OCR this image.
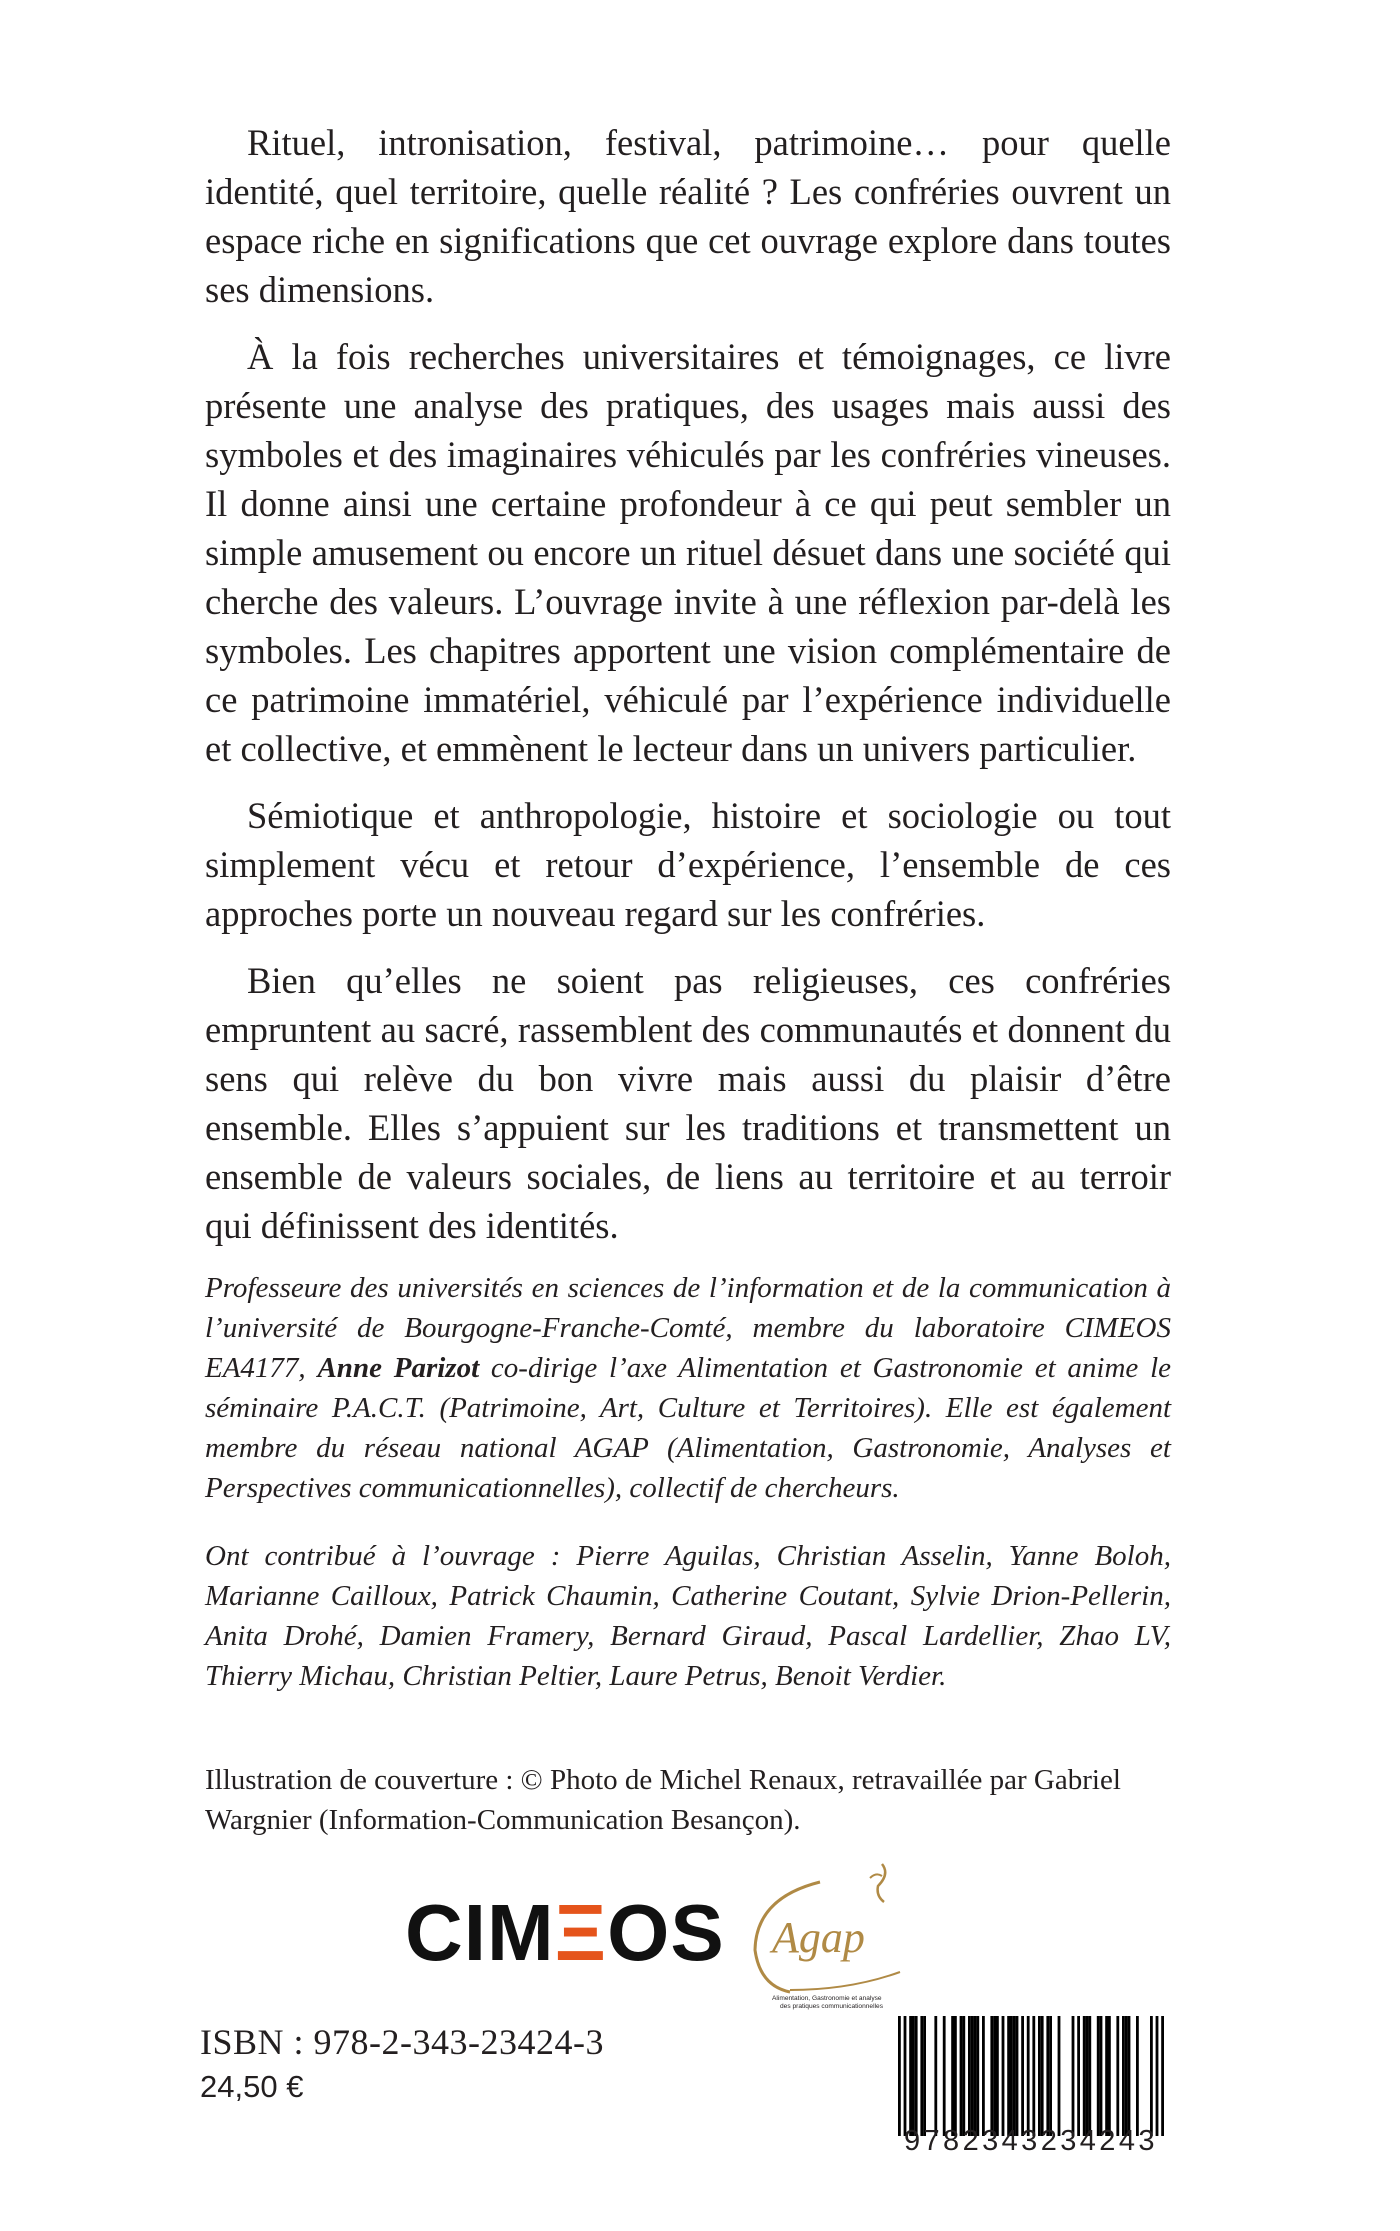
Rituel, intronisation, festival, patrimoine… pour quelle identité, quel territoire, quelle réalité ? Les confréries ouvrent un espace riche en significations que cet ouvrage explore dans toutes ses dimensions.

À la fois recherches universitaires et témoignages, ce livre présente une analyse des pratiques, des usages mais aussi des symboles et des imaginaires véhiculés par les confréries vineuses. Il donne ainsi une certaine profondeur à ce qui peut sembler un simple amusement ou encore un rituel désuet dans une société qui cherche des valeurs. L’ouvrage invite à une réflexion par-delà les symboles. Les chapitres apportent une vision complémentaire de ce patrimoine immatériel, véhiculé par l’expérience individuelle et collective, et emmènent le lecteur dans un univers particulier.

Sémiotique et anthropologie, histoire et sociologie ou tout simplement vécu et retour d’expérience, l’ensemble de ces approches porte un nouveau regard sur les confréries.

Bien qu’elles ne soient pas religieuses, ces confréries empruntent au sacré, rassemblent des communautés et donnent du sens qui relève du bon vivre mais aussi du plaisir d’être ensemble. Elles s’appuient sur les traditions et transmettent un ensemble de valeurs sociales, de liens au territoire et au terroir qui définissent des identités.

Professeure des universités en sciences de l’information et de la communication à l’université de Bourgogne-Franche-Comté, membre du laboratoire CIMEOS EA4177, Anne Parizot co-dirige l’axe Alimentation et Gastronomie et anime le séminaire P.A.C.T. (Patrimoine, Art, Culture et Territoires). Elle est également membre du réseau national AGAP (Alimentation, Gastronomie, Analyses et Perspectives communicationnelles), collectif de chercheurs.

Ont contribué à l’ouvrage : Pierre Aguilas, Christian Asselin, Yanne Boloh, Marianne Cailloux, Patrick Chaumin, Catherine Coutant, Sylvie Drion-Pellerin, Anita Drohé, Damien Framery, Bernard Giraud, Pascal Lardellier, Zhao LV, Thierry Michau, Christian Peltier, Laure Petrus, Benoit Verdier.

Illustration de couverture : © Photo de Michel Renaux, retravaillée par Gabriel Wargnier (Information-Communication Besançon).

CIMΞOS Agap
Alimentation, Gastronomie et analyse
des pratiques communicationnelles
ISBN : 978-2-343-23424-3
24,50 €
9782343234243
